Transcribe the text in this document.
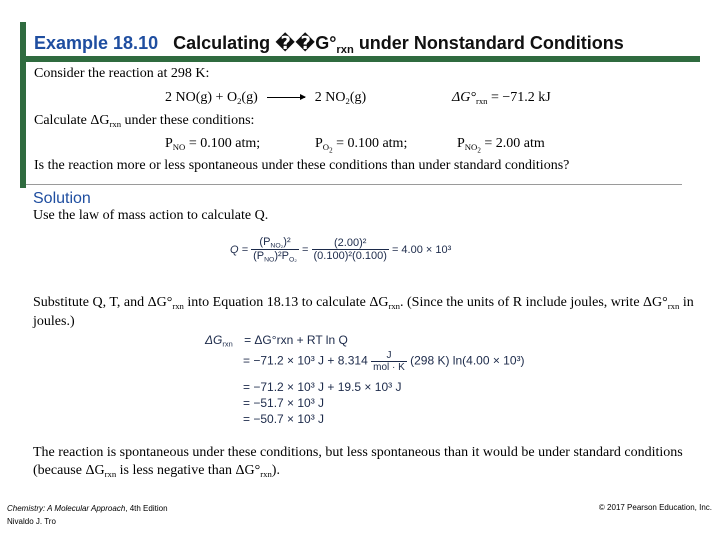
Example 18.10 Calculating $��G^\circ_{rxn}$ under Nonstandard Conditions
Consider the reaction at 298 K:
2 $NO(g) + O_2(g) \to 2$ $NO_2(g)$	$\Delta G^\circ_{rxn} = -71.2$ kJ
Calculate $\Delta G_{rxn}$ under these conditions:
$P_{NO} = 0.100$ atm;	$P_{O2} = 0.100$ atm;	$P_{NO2} = 2.00$ atm
Is the reaction more or less spontaneous under these conditions than under standard conditions?
Solution
Use the law of mass action to calculate Q.
$Q = \frac{(P_{NO_2})^2}{(P_{NO})^2P_{O_2}} = \frac{\text{(2.00)²}}{\text{(0.100)²(0.100)}} = 4.00 \times 10^3$
Substitute Q, T, and $\Delta G^\circ_{rxn}$ into Equation 18.13 to calculate $\Delta G_{rxn}$. (Since the units of R include joules, write $\Delta G^\circ_{rxn}$ in
joules.)
$\Delta G_{rxn} = \Delta G^\circ rxn$ + RT ln Q
= −71.2 × 10³ $J + 8.314 \frac{J}{\text{mol · K}} (298$ K) ln(4.00 × 10³)
= −71.2 × 10³ J + 19.5 × 10³ J
= −51.7 × 10³ J
= −50.7 × 10³ J
The reaction is spontaneous under these conditions, but less spontaneous than it would be under standard conditions
(because $\Delta G_{rxn}$ is less negative than $\Delta G^\circ_{rxn}$).
Chemistry: A Molecular Approach, 4th Edition
Nivaldo J. Tro
© 2017 Pearson Education, Inc.
